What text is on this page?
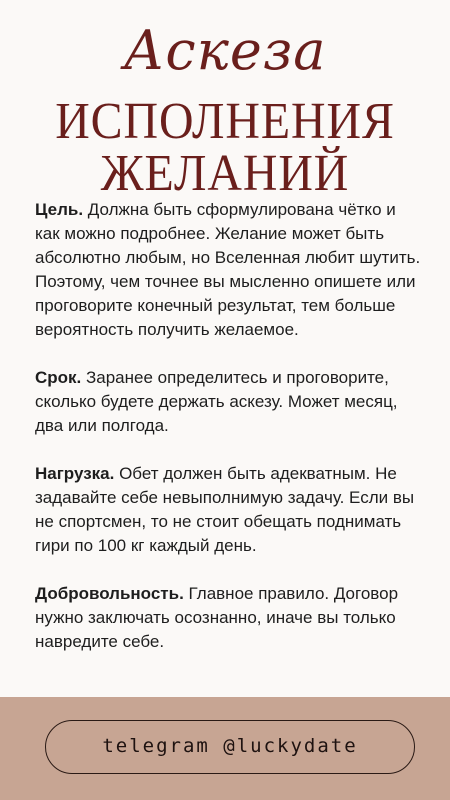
Аскеза
ИСПОЛНЕНИЯ
ЖЕЛАНИЙ

Цель. Должна быть сформулирована чётко и как можно подробнее. Желание может быть абсолютно любым, но Вселенная любит шутить. Поэтому, чем точнее вы мысленно опишете или проговорите конечный результат, тем больше вероятность получить желаемое.

Срок. Заранее определитесь и проговорите, сколько будете держать аскезу. Может месяц, два или полгода.

Нагрузка. Обет должен быть адекватным. Не задавайте себе невыполнимую задачу. Если вы не спортсмен, то не стоит обещать поднимать гири по 100 кг каждый день.

Добровольность. Главное правило. Договор нужно заключать осознанно, иначе вы только навредите себе.

telegram @luckydate
